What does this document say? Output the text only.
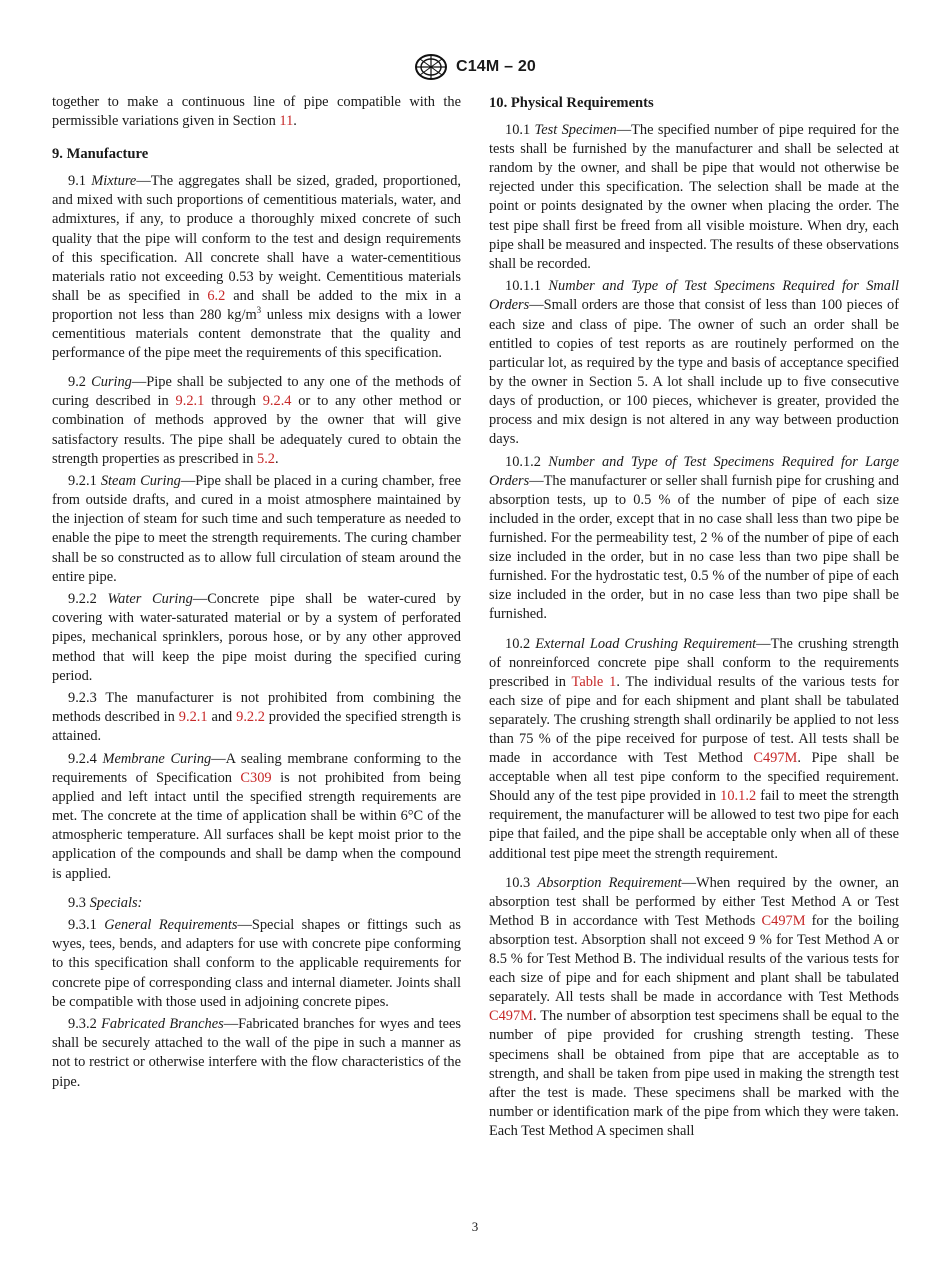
C14M – 20

together to make a continuous line of pipe compatible with the permissible variations given in Section 11.

9. Manufacture

9.1 Mixture—The aggregates shall be sized, graded, proportioned, and mixed with such proportions of cementitious materials, water, and admixtures, if any, to produce a thoroughly mixed concrete of such quality that the pipe will conform to the test and design requirements of this specification. All concrete shall have a water-cementitious materials ratio not exceeding 0.53 by weight. Cementitious materials shall be as specified in 6.2 and shall be added to the mix in a proportion not less than 280 $kg/m^3$ unless mix designs with a lower cementitious materials content demonstrate that the quality and performance of the pipe meet the requirements of this specification.

9.2 Curing—Pipe shall be subjected to any one of the methods of curing described in 9.2.1 through 9.2.4 or to any other method or combination of methods approved by the owner that will give satisfactory results. The pipe shall be adequately cured to obtain the strength properties as prescribed in 5.2.

9.2.1 Steam Curing—Pipe shall be placed in a curing chamber, free from outside drafts, and cured in a moist atmosphere maintained by the injection of steam for such time and such temperature as needed to enable the pipe to meet the strength requirements. The curing chamber shall be so constructed as to allow full circulation of steam around the entire pipe.

9.2.2 Water Curing—Concrete pipe shall be water-cured by covering with water-saturated material or by a system of perforated pipes, mechanical sprinklers, porous hose, or by any other approved method that will keep the pipe moist during the specified curing period.

9.2.3 The manufacturer is not prohibited from combining the methods described in 9.2.1 and 9.2.2 provided the specified strength is attained.

9.2.4 Membrane Curing—A sealing membrane conforming to the requirements of Specification C309 is not prohibited from being applied and left intact until the specified strength requirements are met. The concrete at the time of application shall be within 6°C of the atmospheric temperature. All surfaces shall be kept moist prior to the application of the compounds and shall be damp when the compound is applied.

9.3 Specials:

9.3.1 General Requirements—Special shapes or fittings such as wyes, tees, bends, and adapters for use with concrete pipe conforming to this specification shall conform to the applicable requirements for concrete pipe of corresponding class and internal diameter. Joints shall be compatible with those used in adjoining concrete pipes.

9.3.2 Fabricated Branches—Fabricated branches for wyes and tees shall be securely attached to the wall of the pipe in such a manner as not to restrict or otherwise interfere with the flow characteristics of the pipe.

10. Physical Requirements

10.1 Test Specimen—The specified number of pipe required for the tests shall be furnished by the manufacturer and shall be selected at random by the owner, and shall be pipe that would not otherwise be rejected under this specification. The selection shall be made at the point or points designated by the owner when placing the order. The test pipe shall first be freed from all visible moisture. When dry, each pipe shall be measured and inspected. The results of these observations shall be recorded.

10.1.1 Number and Type of Test Specimens Required for Small Orders—Small orders are those that consist of less than 100 pieces of each size and class of pipe. The owner of such an order shall be entitled to copies of test reports as are routinely performed on the particular lot, as required by the type and basis of acceptance specified by the owner in Section 5. A lot shall include up to five consecutive days of production, or 100 pieces, whichever is greater, provided the process and mix design is not altered in any way between production days.

10.1.2 Number and Type of Test Specimens Required for Large Orders—The manufacturer or seller shall furnish pipe for crushing and absorption tests, up to 0.5 % of the number of pipe of each size included in the order, except that in no case shall less than two pipe be furnished. For the permeability test, 2 % of the number of pipe of each size included in the order, but in no case less than two pipe shall be furnished. For the hydrostatic test, 0.5 % of the number of pipe of each size included in the order, but in no case less than two pipe shall be furnished.

10.2 External Load Crushing Requirement—The crushing strength of nonreinforced concrete pipe shall conform to the requirements prescribed in Table 1. The individual results of the various tests for each size of pipe and for each shipment and plant shall be tabulated separately. The crushing strength shall ordinarily be applied to not less than 75 % of the pipe received for purpose of test. All tests shall be made in accordance with Test Method C497M. Pipe shall be acceptable when all test pipe conform to the specified requirement. Should any of the test pipe provided in 10.1.2 fail to meet the strength requirement, the manufacturer will be allowed to test two pipe for each pipe that failed, and the pipe shall be acceptable only when all of these additional test pipe meet the strength requirement.

10.3 Absorption Requirement—When required by the owner, an absorption test shall be performed by either Test Method A or Test Method B in accordance with Test Methods C497M for the boiling absorption test. Absorption shall not exceed 9 % for Test Method A or 8.5 % for Test Method B. The individual results of the various tests for each size of pipe and for each shipment and plant shall be tabulated separately. All tests shall be made in accordance with Test Methods C497M. The number of absorption test specimens shall be equal to the number of pipe provided for crushing strength testing. These specimens shall be obtained from pipe that are acceptable as to strength, and shall be taken from pipe used in making the strength test after the test is made. These specimens shall be marked with the number or identification mark of the pipe from which they were taken. Each Test Method A specimen shall

3
